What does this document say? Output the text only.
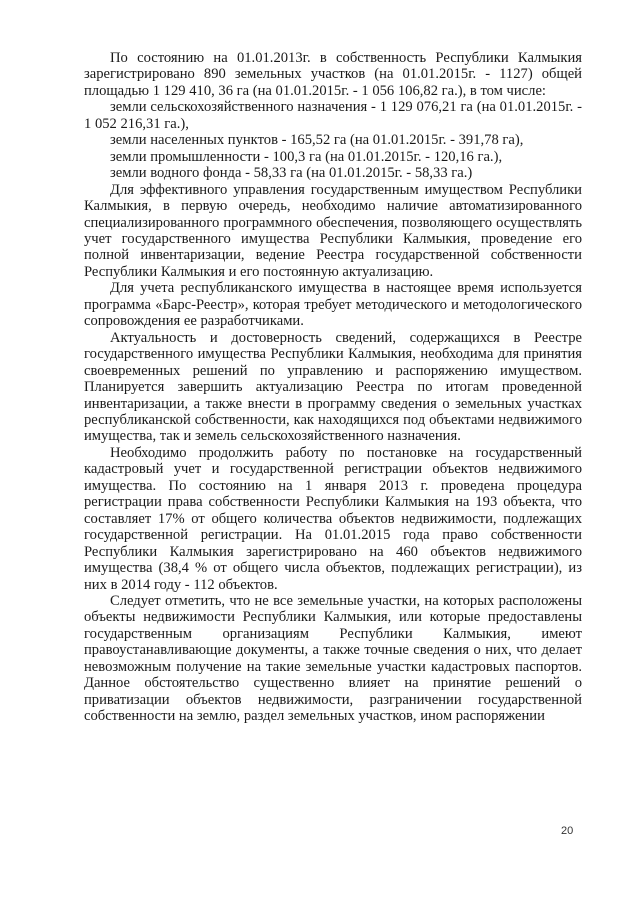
По состоянию на 01.01.2013г. в собственность Республики Калмыкия зарегистрировано 890 земельных участков (на 01.01.2015г. - 1127) общей площадью 1 129 410, 36 га (на 01.01.2015г. - 1 056 106,82 га.), в том числе:

земли сельскохозяйственного назначения - 1 129 076,21 га (на 01.01.2015г. - 1 052 216,31 га.),

земли населенных пунктов - 165,52 га (на 01.01.2015г. - 391,78 га),

земли промышленности - 100,3 га (на 01.01.2015г. - 120,16 га.),

земли водного фонда - 58,33 га (на 01.01.2015г. - 58,33 га.)

Для эффективного управления государственным имуществом Республики Калмыкия, в первую очередь, необходимо наличие автоматизированного специализированного программного обеспечения, позволяющего осуществлять учет государственного имущества Республики Калмыкия, проведение его полной инвентаризации, ведение Реестра государственной собственности Республики Калмыкия и его постоянную актуализацию.

Для учета республиканского имущества в настоящее время используется программа «Барс-Реестр», которая требует методического и методологического сопровождения ее разработчиками.

Актуальность и достоверность сведений, содержащихся в Реестре государственного имущества Республики Калмыкия, необходима для принятия своевременных решений по управлению и распоряжению имуществом. Планируется завершить актуализацию Реестра по итогам проведенной инвентаризации, а также внести в программу сведения о земельных участках республиканской собственности, как находящихся под объектами недвижимого имущества, так и земель сельскохозяйственного назначения.

Необходимо продолжить работу по постановке на государственный кадастровый учет и государственной регистрации объектов недвижимого имущества. По состоянию на 1 января 2013 г. проведена процедура регистрации права собственности Республики Калмыкия на 193 объекта, что составляет 17% от общего количества объектов недвижимости, подлежащих государственной регистрации. На 01.01.2015 года право собственности Республики Калмыкия зарегистрировано на 460 объектов недвижимого имущества (38,4 % от общего числа объектов, подлежащих регистрации), из них в 2014 году - 112 объектов.

Следует отметить, что не все земельные участки, на которых расположены объекты недвижимости Республики Калмыкия, или которые предоставлены государственным организациям Республики Калмыкия, имеют правоустанавливающие документы, а также точные сведения о них, что делает невозможным получение на такие земельные участки кадастровых паспортов. Данное обстоятельство существенно влияет на принятие решений о приватизации объектов недвижимости, разграничении государственной собственности на землю, раздел земельных участков, ином распоряжении

20
